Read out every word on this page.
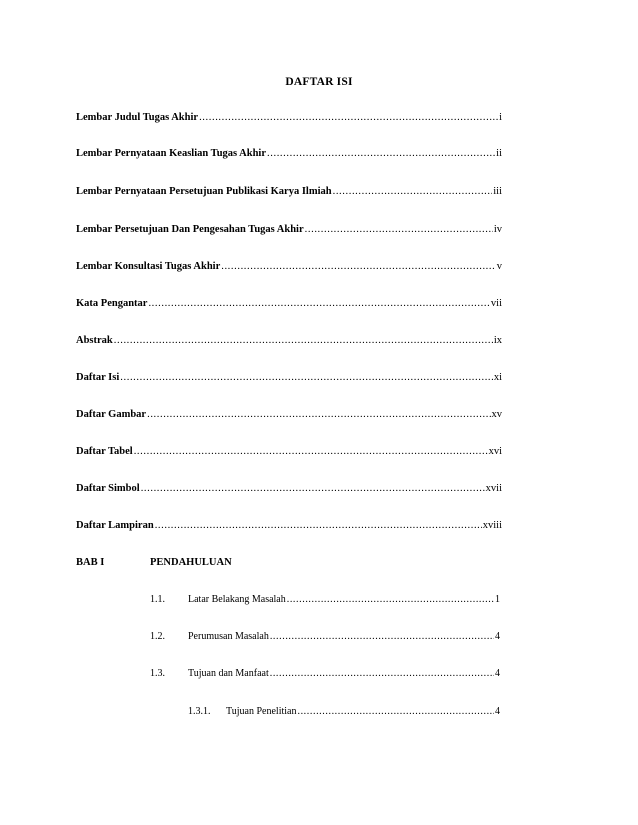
DAFTAR ISI
Lembar Judul Tugas Akhir .....	i
Lembar Pernyataan Keaslian Tugas Akhir .....	ii
Lembar Pernyataan Persetujuan Publikasi Karya Ilmiah .....	iii
Lembar Persetujuan Dan Pengesahan Tugas Akhir .....	iv
Lembar Konsultasi Tugas Akhir .....	v
Kata Pengantar .....	vii
Abstrak .....	ix
Daftar Isi .....	xi
Daftar Gambar .....	xv
Daftar Tabel .....	xvi
Daftar Simbol .....	xvii
Daftar Lampiran .....	xviii
BAB I	PENDAHULUAN
1.1.	Latar Belakang Masalah .....	1
1.2.	Perumusan Masalah .....	4
1.3.	Tujuan dan Manfaat .....	4
1.3.1.	Tujuan Penelitian .....	4
